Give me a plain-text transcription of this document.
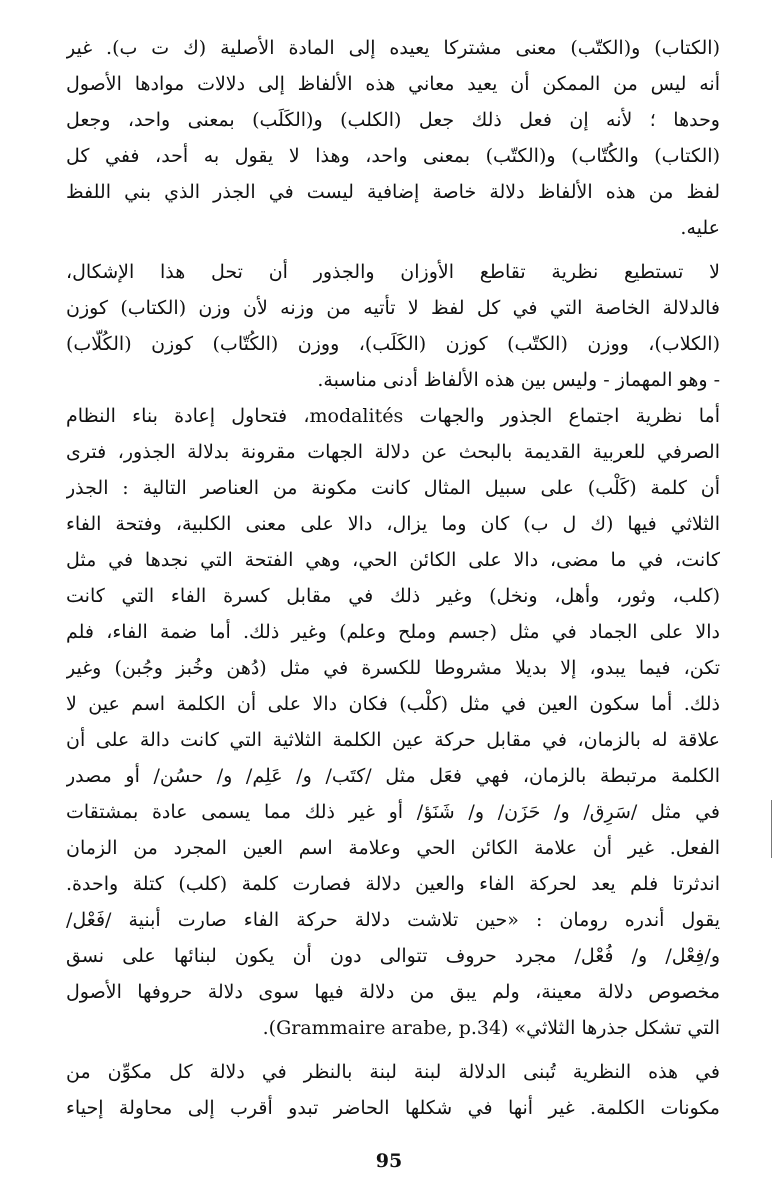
(الكتاب) و(الكتّب) معنى مشتركا يعيده إلى المادة الأصلية (ك ت ب). غير
أنه ليس من الممكن أن يعيد معاني هذه الألفاظ إلى دلالات موادها الأصول
وحدها ؛ لأنه إن فعل ذلك جعل (الكلب) و(الكَلَب) بمعنى واحد، وجعل
(الكتاب) والكُتّاب) و(الكتّب) بمعنى واحد، وهذا لا يقول به أحد، ففي كل
لفظ من هذه الألفاظ دلالة خاصة إضافية ليست في الجذر الذي بني اللفظ
عليه.
لا تستطيع نظرية تقاطع الأوزان والجذور أن تحل هذا الإشكال،
فالدلالة الخاصة التي في كل لفظ لا تأتيه من وزنه لأن وزن (الكتاب) كوزن
(الكلاب)، ووزن (الكتّب) كوزن (الكَلَب)، ووزن (الكُتّاب) كوزن (الكُلّاب)
- وهو المهماز - وليس بين هذه الألفاظ أدنى مناسبة.
أما نظرية اجتماع الجذور والجهات modalités، فتحاول إعادة بناء النظام
الصرفي للعربية القديمة بالبحث عن دلالة الجهات مقرونة بدلالة الجذور، فترى
أن كلمة (كَلْب) على سبيل المثال كانت مكونة من العناصر التالية : الجذر
الثلاثي فيها (ك ل ب) كان وما يزال، دالا على معنى الكلبية، وفتحة الفاء
كانت، في ما مضى، دالا على الكائن الحي، وهي الفتحة التي نجدها في مثل
(كلب، وثور، وأهل، ونخل) وغير ذلك في مقابل كسرة الفاء التي كانت
دالا على الجماد في مثل (جسم وملح وعلم) وغير ذلك. أما ضمة الفاء، فلم
تكن، فيما يبدو، إلا بديلا مشروطا للكسرة في مثل (دُهن وخُبز وجُبن) وغير
ذلك. أما سكون العين في مثل (كلْب) فكان دالا على أن الكلمة اسم عين لا
علاقة له بالزمان، في مقابل حركة عين الكلمة الثلاثية التي كانت دالة على أن
الكلمة مرتبطة بالزمان، فهي فعَل مثل /كتَب/ و/ عَلِم/ و/ حسُن/ أو مصدر
في مثل /سَرِق/ و/ حَزَن/ و/ شَنَؤ/ أو غير ذلك مما يسمى عادة بمشتقات
الفعل. غير أن علامة الكائن الحي وعلامة اسم العين المجرد من الزمان
اندثرتا فلم يعد لحركة الفاء والعين دلالة فصارت كلمة (كلب) كتلة واحدة.
يقول أندره رومان : «حين تلاشت دلالة حركة الفاء صارت أبنية /فَعْل/
و/فِعْل/ و/ فُعْل/ مجرد حروف تتوالى دون أن يكون لبنائها على نسق
مخصوص دلالة معينة، ولم يبق من دلالة فيها سوى دلالة حروفها الأصول
التي تشكل جذرها الثلاثي» (Grammaire arabe, p.34).
في هذه النظرية تُبنى الدلالة لبنة لبنة بالنظر في دلالة كل مكوِّن من
مكونات الكلمة. غير أنها في شكلها الحاضر تبدو أقرب إلى محاولة إحياء
95
